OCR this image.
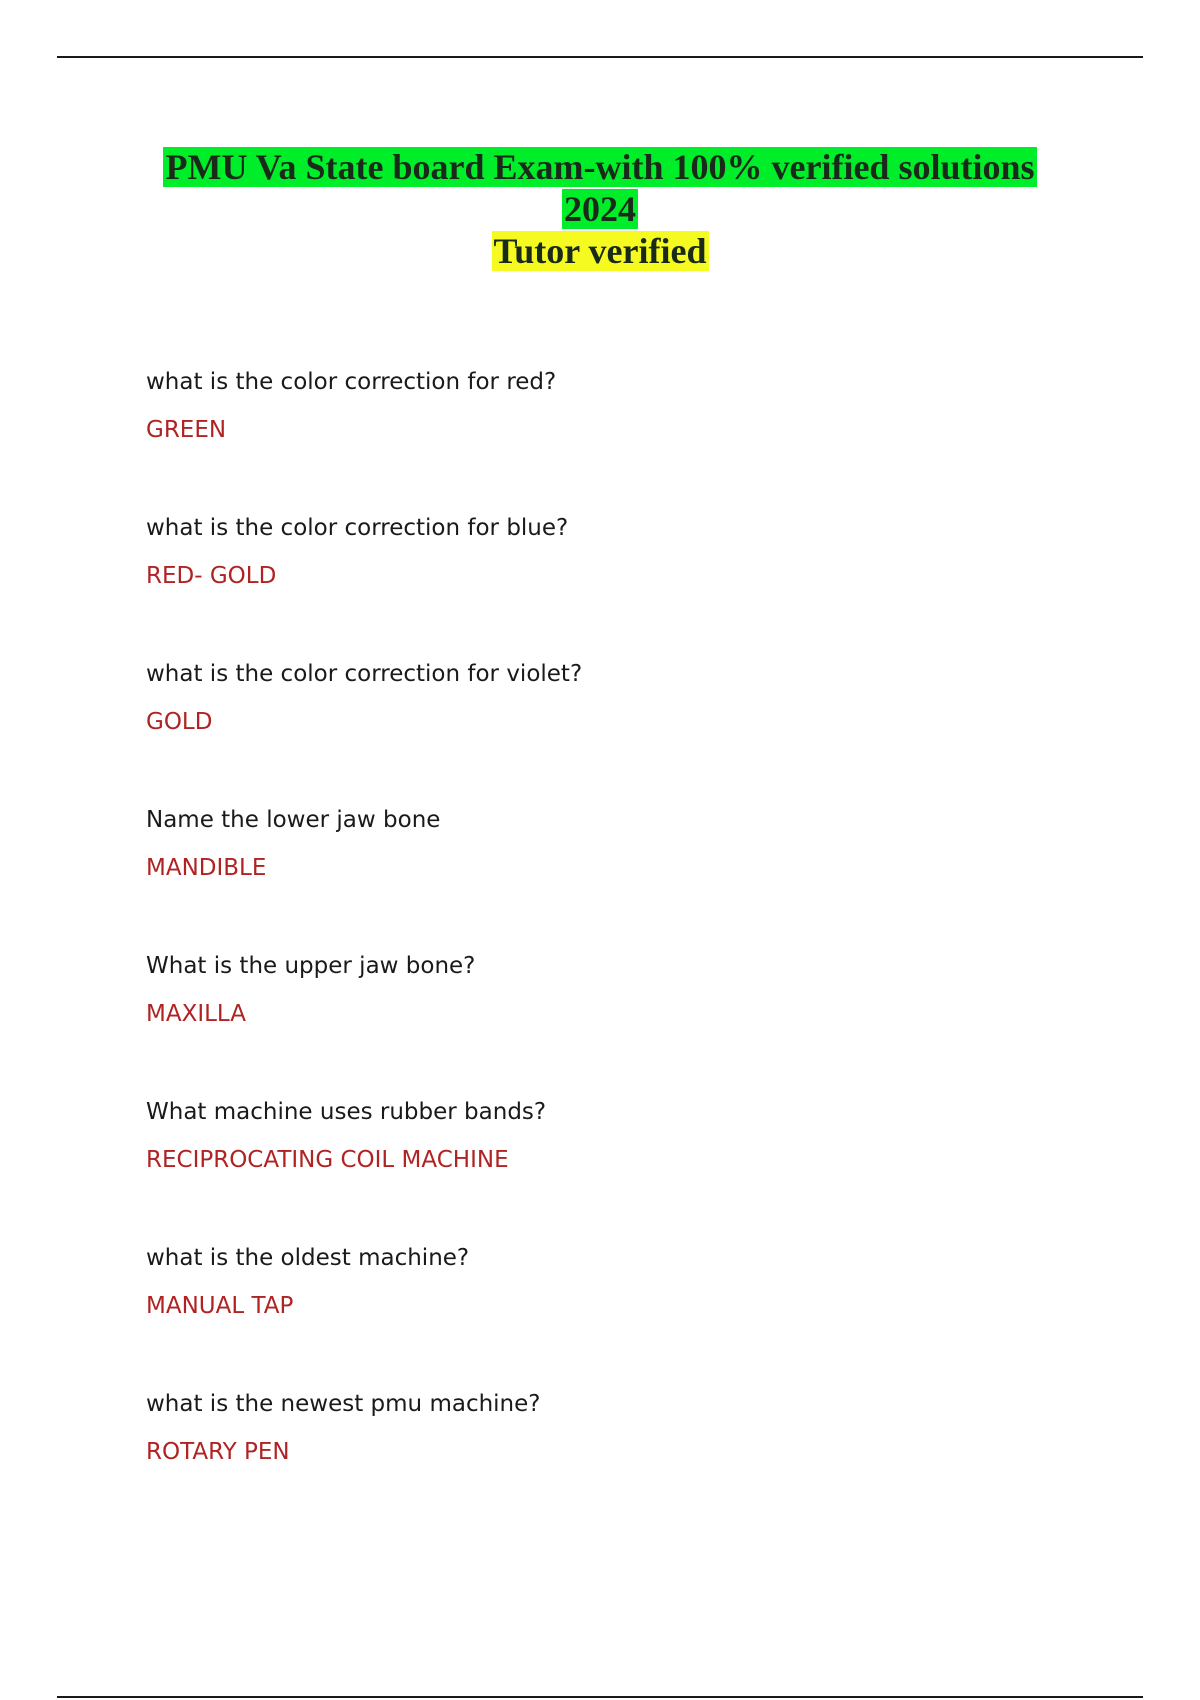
PMU Va State board Exam-with 100% verified solutions
2024
Tutor verified
what is the color correction for red?
GREEN
what is the color correction for blue?
RED- GOLD
what is the color correction for violet?
GOLD
Name the lower jaw bone
MANDIBLE
What is the upper jaw bone?
MAXILLA
What machine uses rubber bands?
RECIPROCATING COIL MACHINE
what is the oldest machine?
MANUAL TAP
what is the newest pmu machine?
ROTARY PEN
